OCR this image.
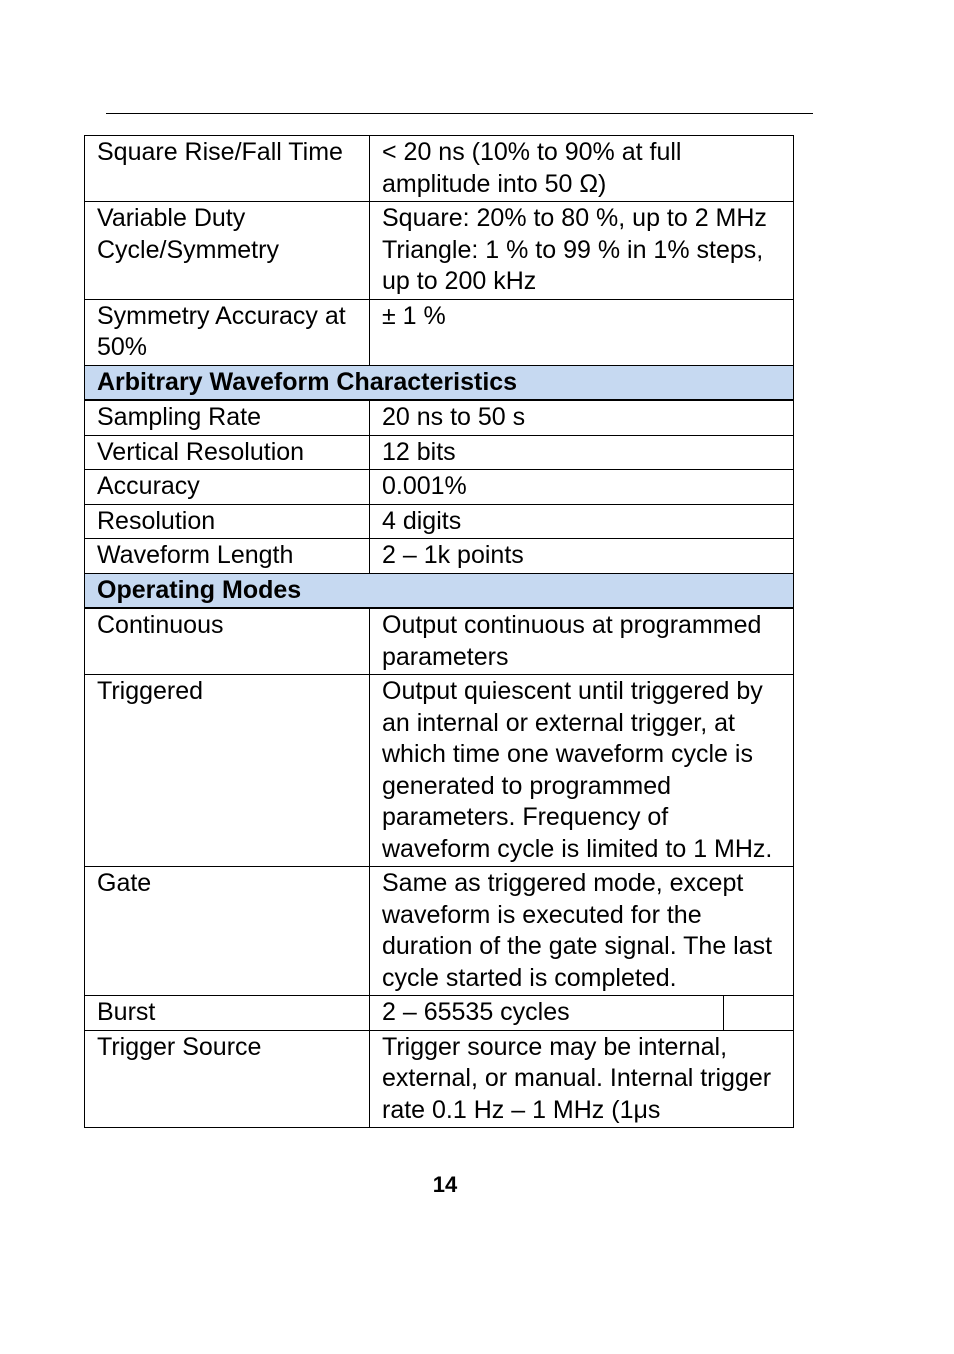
Square Rise/Fall Time	< 20 ns (10% to 90% at full amplitude into 50 Ω)
Variable Duty Cycle/Symmetry	Square: 20% to 80 %, up to 2 MHz
Triangle: 1 % to 99 % in 1% steps, up to 200 kHz

Symmetry Accuracy at 50%	± 1 %
Arbitrary Waveform Characteristics	
Sampling Rate	20 ns to 50 s
Vertical Resolution	12 bits
Accuracy	0.001%
Resolution	4 digits
Waveform Length	2 – 1k points
Operating Modes	
Continuous	Output continuous at programmed parameters
Triggered	Output quiescent until triggered by an internal or external trigger, at which time one waveform cycle is generated to programmed parameters. Frequency of waveform cycle is limited to 1 MHz.
Gate	Same as triggered mode, except waveform is executed for the duration of the gate signal. The last cycle started is completed.
Burst	2 – 65535 cycles

Trigger Source	Trigger source may be internal, external, or manual. Internal trigger rate 0.1 Hz – 1 MHz (1μs
14
